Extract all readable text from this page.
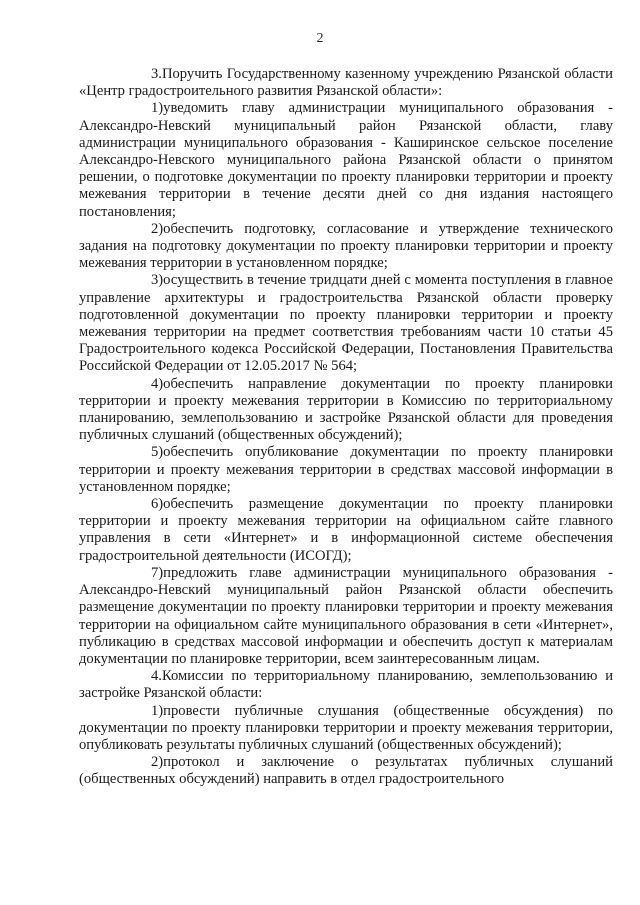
2

3.Поручить Государственному казенному учреждению Рязанской области «Центр градостроительного развития Рязанской области»:

1)уведомить главу администрации муниципального образования - Александро-Невский муниципальный район Рязанской области, главу администрации муниципального образования - Каширинское сельское поселение Александро-Невского муниципального района Рязанской области о принятом решении, о подготовке документации по проекту планировки территории и проекту межевания территории в течение десяти дней со дня издания настоящего постановления;

2)обеспечить подготовку, согласование и утверждение технического задания на подготовку документации по проекту планировки территории и проекту межевания территории в установленном порядке;

3)осуществить в течение тридцати дней с момента поступления в главное управление архитектуры и градостроительства Рязанской области проверку подготовленной документации по проекту планировки территории и проекту межевания территории на предмет соответствия требованиям части 10 статьи 45 Градостроительного кодекса Российской Федерации, Постановления Правительства Российской Федерации от 12.05.2017 № 564;

4)обеспечить направление документации по проекту планировки территории и проекту межевания территории в Комиссию по территориальному планированию, землепользованию и застройке Рязанской области для проведения публичных слушаний (общественных обсуждений);

5)обеспечить опубликование документации по проекту планировки территории и проекту межевания территории в средствах массовой информации в установленном порядке;

6)обеспечить размещение документации по проекту планировки территории и проекту межевания территории на официальном сайте главного управления в сети «Интернет» и в информационной системе обеспечения градостроительной деятельности (ИСОГД);

7)предложить главе администрации муниципального образования - Александро-Невский муниципальный район Рязанской области обеспечить размещение документации по проекту планировки территории и проекту межевания территории на официальном сайте муниципального образования в сети «Интернет», публикацию в средствах массовой информации и обеспечить доступ к материалам документации по планировке территории, всем заинтересованным лицам.

4.Комиссии по территориальному планированию, землепользованию и застройке Рязанской области:

1)провести публичные слушания (общественные обсуждения) по документации по проекту планировки территории и проекту межевания территории, опубликовать результаты публичных слушаний (общественных обсуждений);

2)протокол и заключение о результатах публичных слушаний (общественных обсуждений) направить в отдел градостроительного
